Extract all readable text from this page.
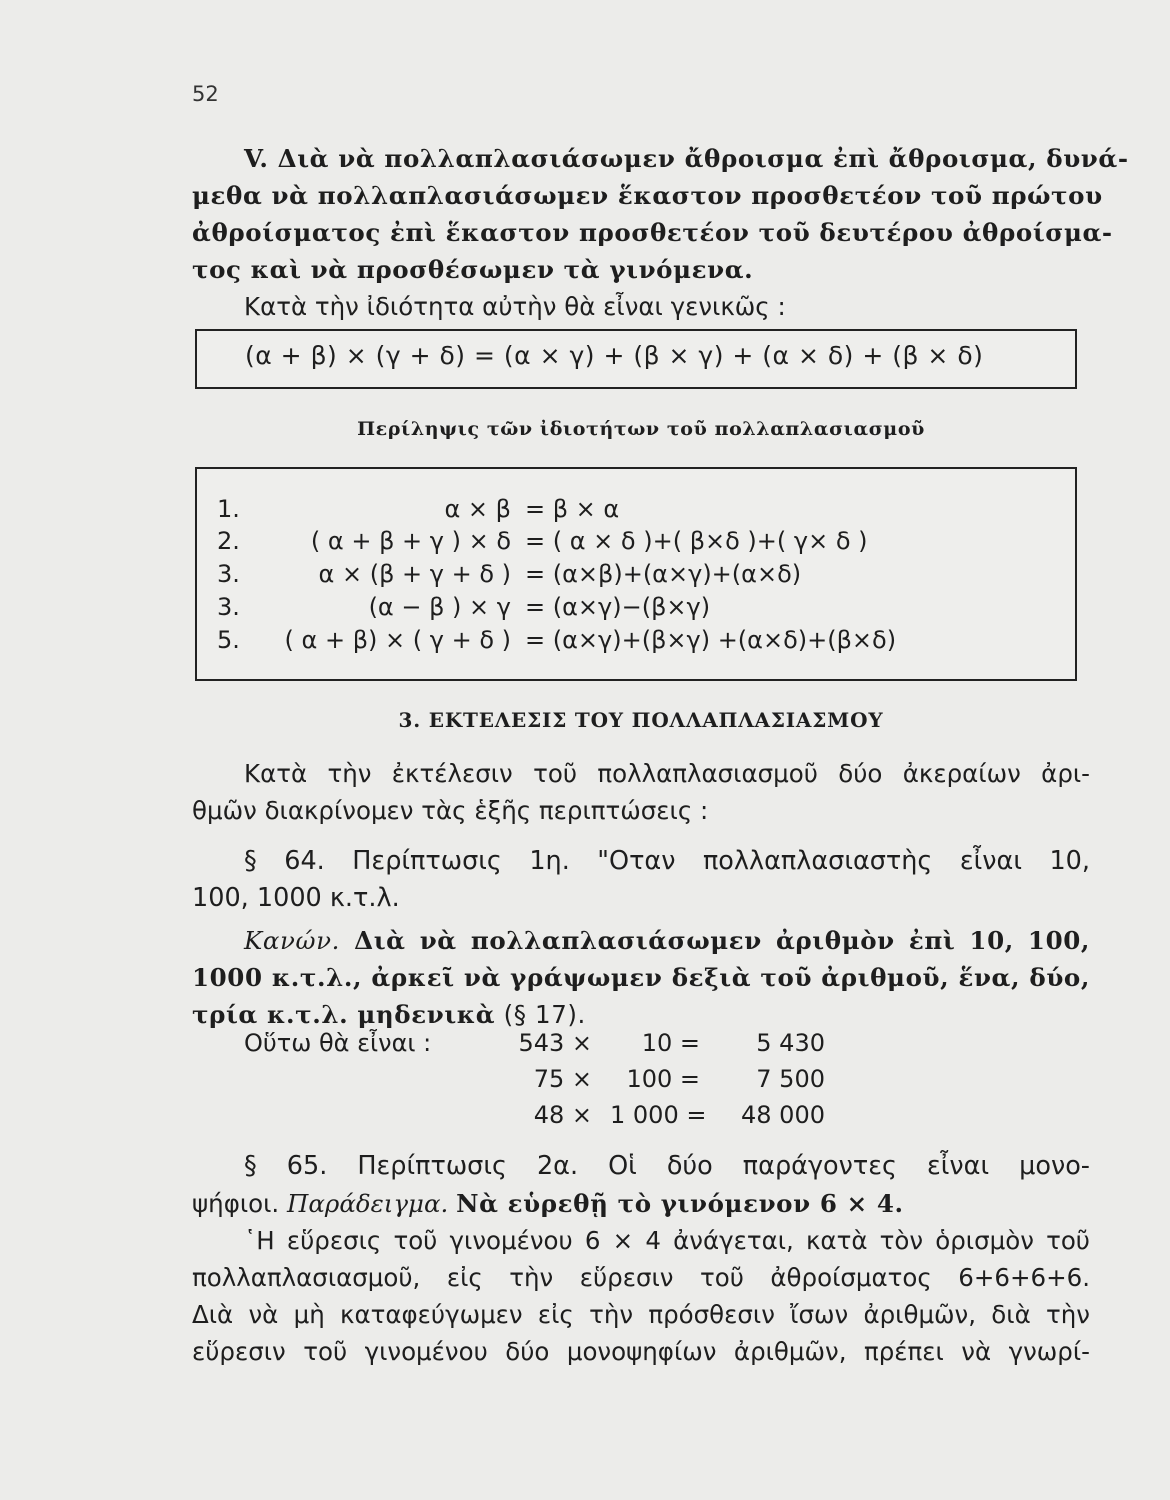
52
V. Διὰ νὰ πολλαπλασιάσωμεν ἄθροισμα ἐπὶ ἄθροισμα, δυνά-
μεθα νὰ πολλαπλασιάσωμεν ἕκαστον προσθετέον τοῦ πρώτου
ἀθροίσματος ἐπὶ ἕκαστον προσθετέον τοῦ δευτέρου ἀθροίσμα-
τος καὶ νὰ προσθέσωμεν τὰ γινόμενα.
Κατὰ τὴν ἰδιότητα αὐτὴν θὰ εἶναι γενικῶς :
(α + β) × (γ + δ) = (α × γ) + (β × γ) + (α × δ) + (β × δ)
Περίληψις τῶν ἰδιοτήτων τοῦ πολλαπλασιασμοῦ
1.	α × β = β × α
2.	( α + β + γ ) × δ = ( α × δ )+( β×δ )+( γ× δ )
3.	α × (β + γ + δ ) = (α×β)+(α×γ)+(α×δ)
3.	(α − β ) × γ = (α×γ)−(β×γ)
5.	( α + β) × ( γ + δ ) = (α×γ)+(β×γ) +(α×δ)+(β×δ)
3. ΕΚΤΕΛΕΣΙΣ ΤΟΥ ΠΟΛΛΑΠΛΑΣΙΑΣΜΟΥ
Κατὰ τὴν ἐκτέλεσιν τοῦ πολλαπλασιασμοῦ δύο ἀκεραίων ἀρι-
θμῶν διακρίνομεν τὰς ἑξῆς περιπτώσεις :
§ 64. Περίπτωσις 1η. "Οταν πολλαπλασιαστὴς εἶναι 10,
100, 1000 κ.τ.λ.
Κανών. Διὰ νὰ πολλαπλασιάσωμεν ἀριθμὸν ἐπὶ 10, 100,
1000 κ.τ.λ., ἀρκεῖ νὰ γράψωμεν δεξιὰ τοῦ ἀριθμοῦ, ἕνα, δύο,
τρία κ.τ.λ. μηδενικὰ (§ 17).
Οὕτω θὰ εἶναι :	543 ×	10 =	5 430
75 ×	100 =	7 500
48 × 1 000 =	48 000
§ 65. Περίπτωσις 2α. Οἱ δύο παράγοντες εἶναι μονο-
ψήφιοι. Παράδειγμα. Νὰ εὑρεθῇ τὸ γινόμενον 6 × 4.
῾Η εὕρεσις τοῦ γινομένου 6 × 4 ἀνάγεται, κατὰ τὸν ὁρισμὸν τοῦ
πολλαπλασιασμοῦ, εἰς τὴν εὕρεσιν τοῦ ἀθροίσματος 6+6+6+6.
Διὰ νὰ μὴ καταφεύγωμεν εἰς τὴν πρόσθεσιν ἴσων ἀριθμῶν, διὰ τὴν
εὕρεσιν τοῦ γινομένου δύο μονοψηφίων ἀριθμῶν, πρέπει νὰ γνωρί-
